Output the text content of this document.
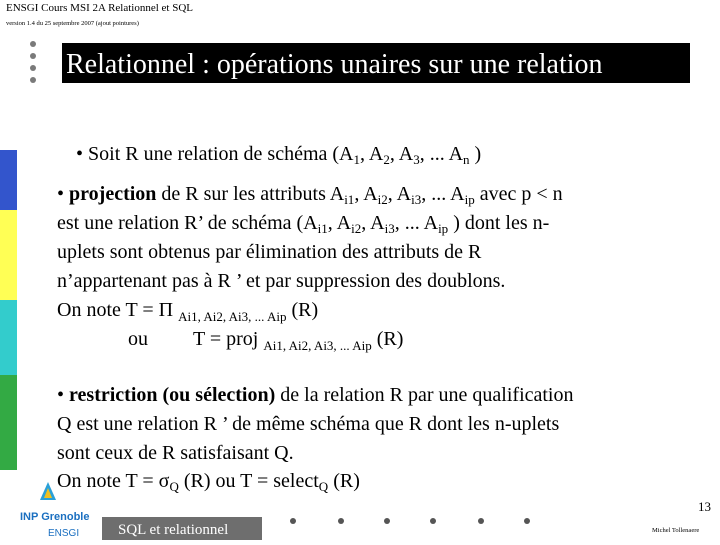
ENSGI Cours MSI 2A Relationnel et SQL
version 1.4 du 25 septembre 2007 (ajout pointures)
Relationnel : opérations unaires sur une relation
• Soit R une relation de schéma ($A_1$, $A_2$, $A_3$, ... $A_n$ )
• projection de R sur les attributs $A_{i1}$, $A_{i2}$, $A_{i3}$, ... $A_{ip}$ avec p < n
est une relation R’ de schéma ($A_{i1}$, $A_{i2}$, $A_{i3}$, ... $A_{ip}$ ) dont les n-
uplets sont obtenus par élimination des attributs de R
n’appartenant pas à R ’ et par suppression des doublons.
On note T = Π $_{Ai1, Ai2, Ai3, ... Aip}$ (R)
ou T = proj $_{Ai1, Ai2, Ai3, ... Aip}$ (R)
• restriction (ou sélection) de la relation R par une qualification
Q est une relation R ’ de même schéma que R dont les n-uplets
sont ceux de R satisfaisant Q.
On note $T = \sigma_Q$ (R) ou T = select$_Q$ (R)
INP Grenoble
ENSGI	SQL et relationnel
13
Michel Tollenaere
